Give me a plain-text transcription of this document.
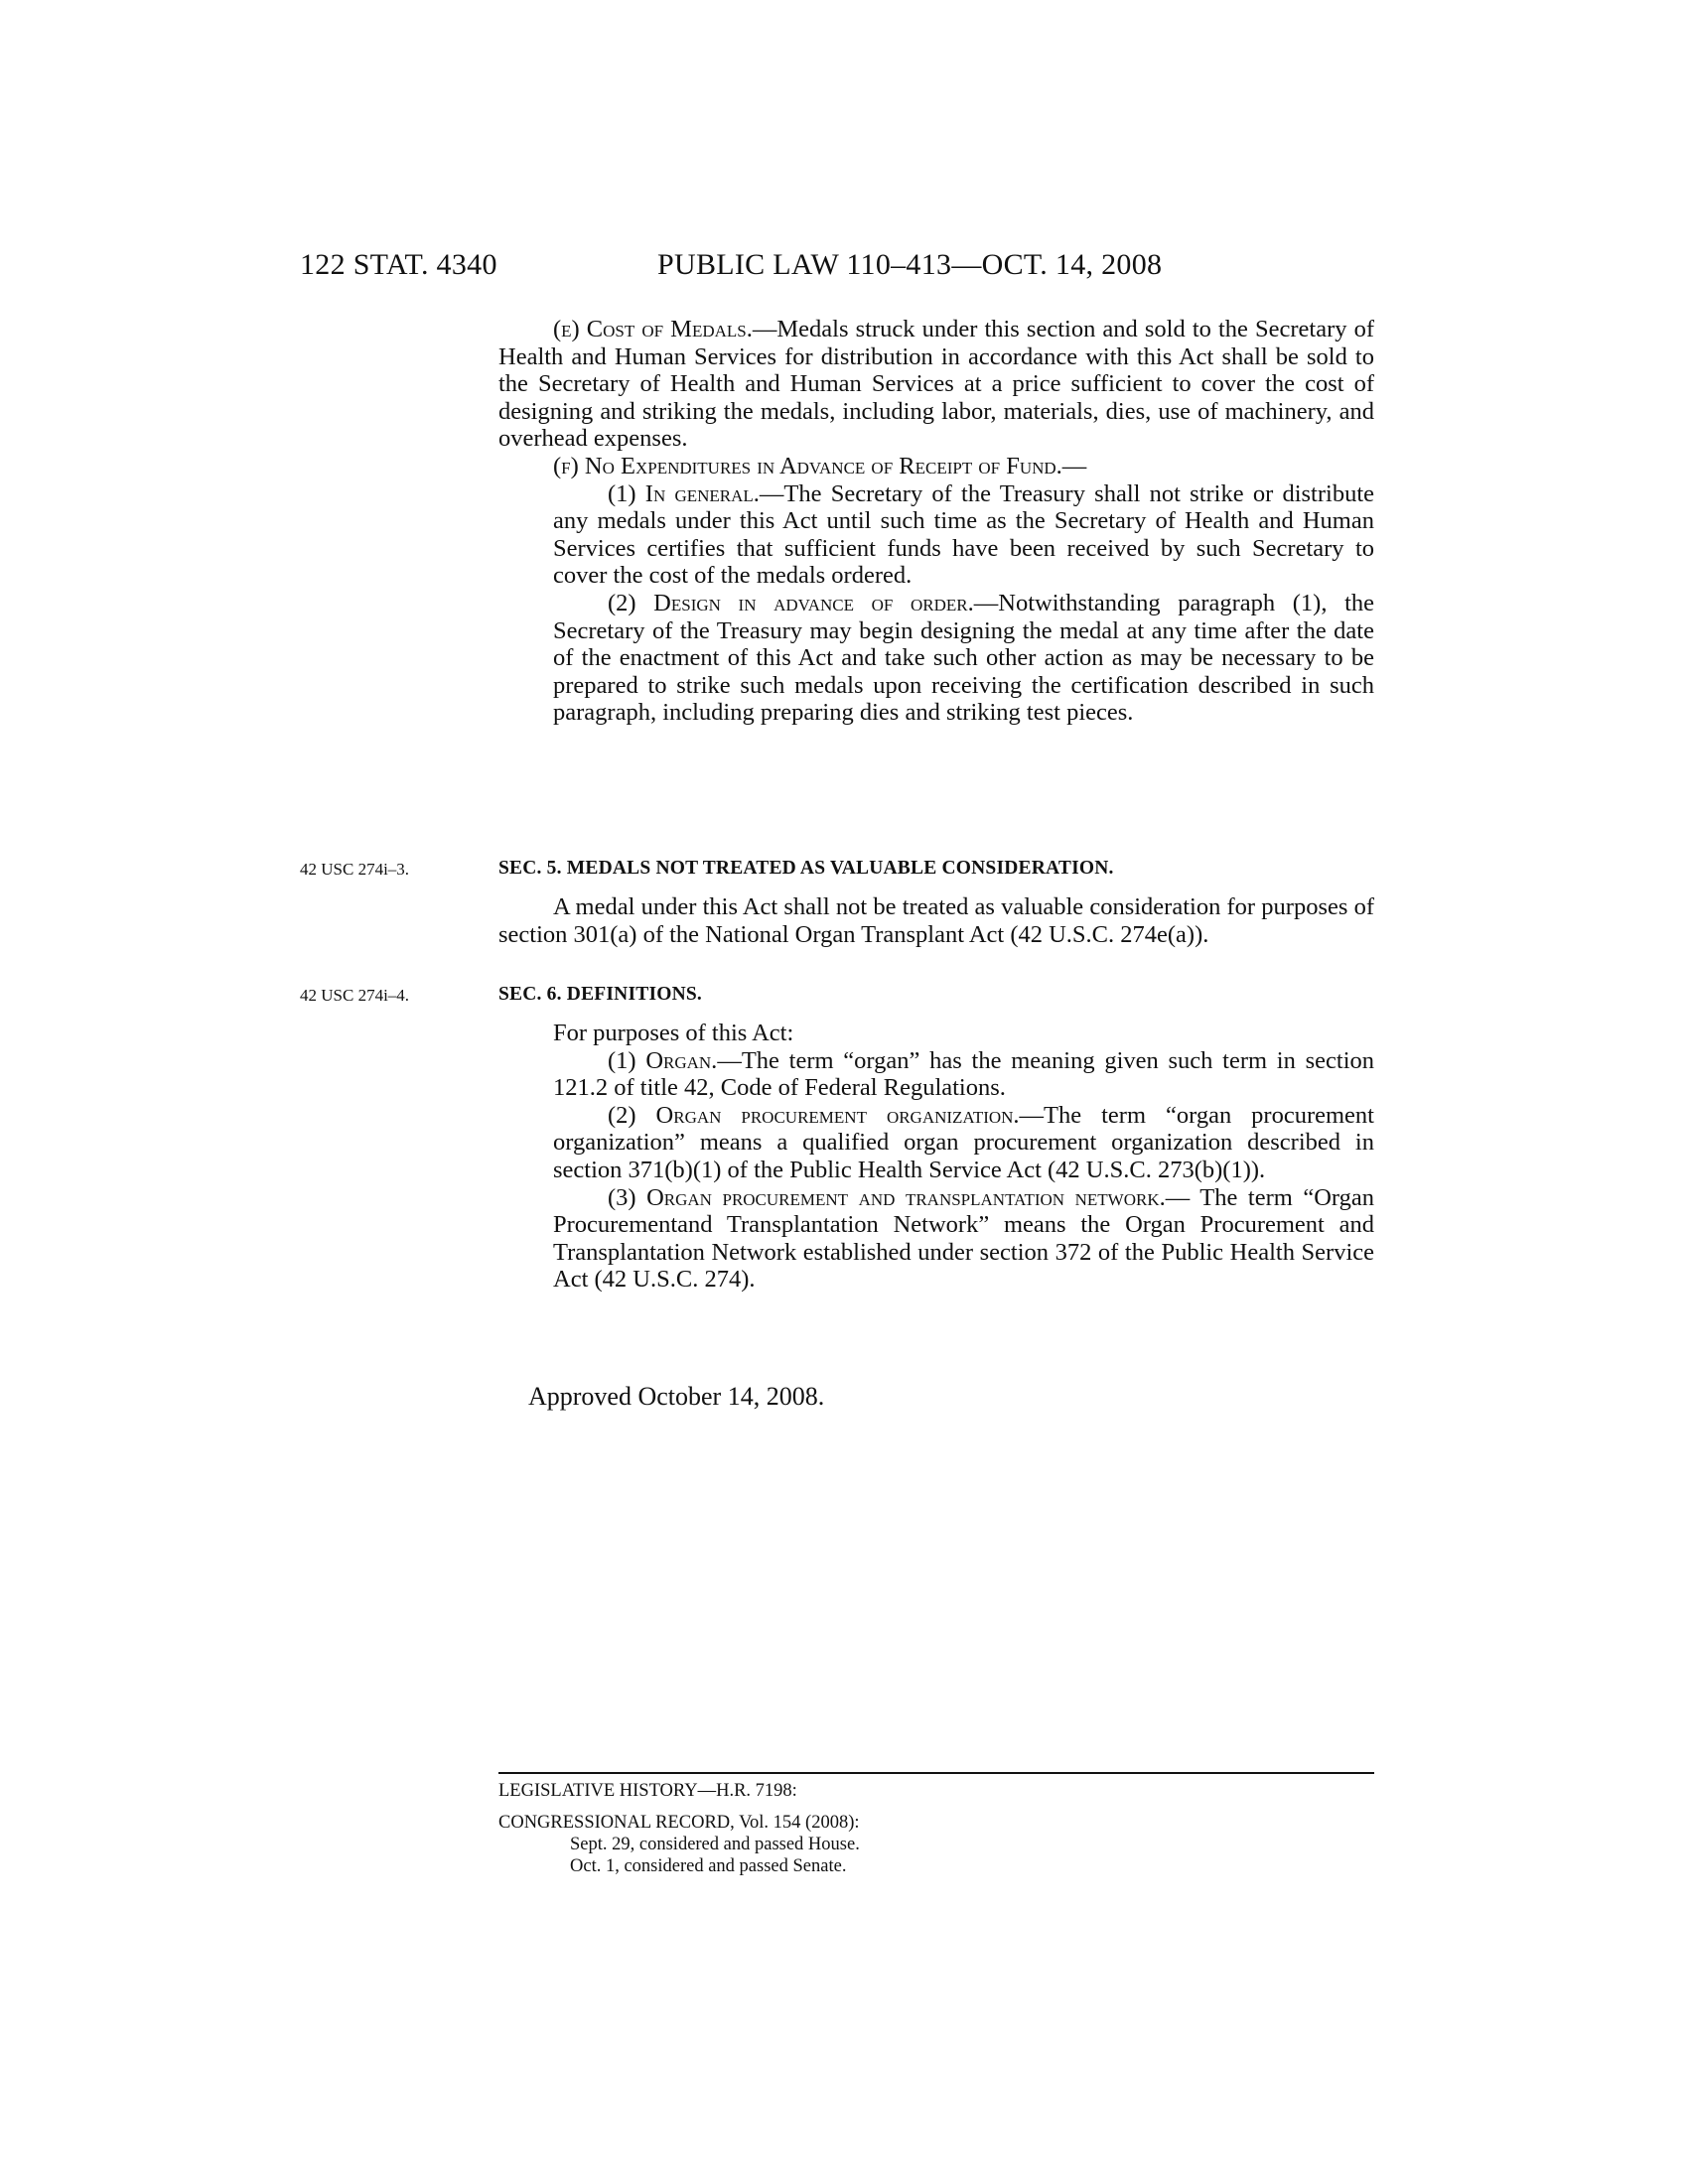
122 STAT. 4340	PUBLIC LAW 110–413—OCT. 14, 2008

(e) Cost of Medals.—Medals struck under this section and sold to the Secretary of Health and Human Services for distribution in accordance with this Act shall be sold to the Secretary of Health and Human Services at a price sufficient to cover the cost of designing and striking the medals, including labor, materials, dies, use of machinery, and overhead expenses.

(f) No Expenditures in Advance of Receipt of Fund.—

(1) In general.—The Secretary of the Treasury shall not strike or distribute any medals under this Act until such time as the Secretary of Health and Human Services certifies that sufficient funds have been received by such Secretary to cover the cost of the medals ordered.

(2) Design in advance of order.—Notwithstanding paragraph (1), the Secretary of the Treasury may begin designing the medal at any time after the date of the enactment of this Act and take such other action as may be necessary to be prepared to strike such medals upon receiving the certification described in such paragraph, including preparing dies and striking test pieces.

42 USC 274i–3.	SEC. 5. MEDALS NOT TREATED AS VALUABLE CONSIDERATION.

A medal under this Act shall not be treated as valuable consideration for purposes of section 301(a) of the National Organ Transplant Act (42 U.S.C. 274e(a)).

42 USC 274i–4.	SEC. 6. DEFINITIONS.

For purposes of this Act:

(1) Organ.—The term “organ” has the meaning given such term in section 121.2 of title 42, Code of Federal Regulations.

(2) Organ procurement organization.—The term “organ procurement organization” means a qualified organ procurement organization described in section 371(b)(1) of the Public Health Service Act (42 U.S.C. 273(b)(1)).

(3) Organ procurement and transplantation network.— The term “Organ Procurementand Transplantation Network” means the Organ Procurement and Transplantation Network established under section 372 of the Public Health Service Act (42 U.S.C. 274).

Approved October 14, 2008.
LEGISLATIVE HISTORY—H.R. 7198:
CONGRESSIONAL RECORD, Vol. 154 (2008):
Sept. 29, considered and passed House.
Oct. 1, considered and passed Senate.
